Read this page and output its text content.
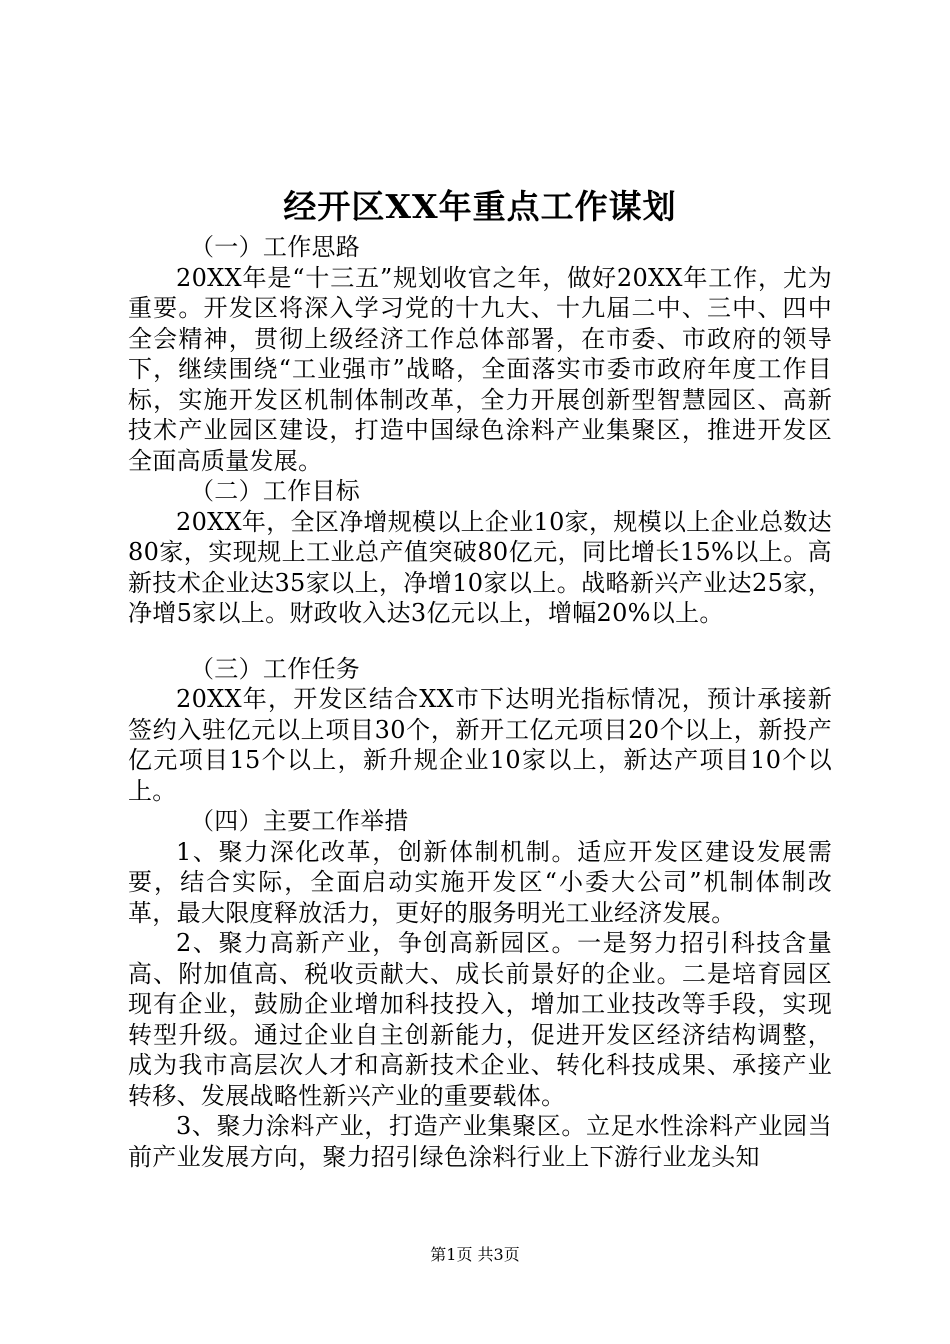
经开区XX年重点工作谋划

（一）工作思路

20XX年是“十三五”规划收官之年，做好20XX年工作，尤为重要。开发区将深入学习党的十九大、十九届二中、三中、四中全会精神，贯彻上级经济工作总体部署，在市委、市政府的领导下，继续围绕“工业强市”战略，全面落实市委市政府年度工作目标，实施开发区机制体制改革，全力开展创新型智慧园区、高新技术产业园区建设，打造中国绿色涂料产业集聚区，推进开发区全面高质量发展。

（二）工作目标

20XX年，全区净增规模以上企业10家，规模以上企业总数达80家，实现规上工业总产值突破80亿元，同比增长15%以上。高新技术企业达35家以上，净增10家以上。战略新兴产业达25家，净增5家以上。财政收入达3亿元以上，增幅20%以上。

（三）工作任务

20XX年，开发区结合XX市下达明光指标情况，预计承接新签约入驻亿元以上项目30个，新开工亿元项目20个以上，新投产亿元项目15个以上，新升规企业10家以上，新达产项目10个以上。

（四）主要工作举措

1、聚力深化改革，创新体制机制。适应开发区建设发展需要，结合实际，全面启动实施开发区“小委大公司”机制体制改革，最大限度释放活力，更好的服务明光工业经济发展。

2、聚力高新产业，争创高新园区。一是努力招引科技含量高、附加值高、税收贡献大、成长前景好的企业。二是培育园区现有企业，鼓励企业增加科技投入，增加工业技改等手段，实现转型升级。通过企业自主创新能力，促进开发区经济结构调整，成为我市高层次人才和高新技术企业、转化科技成果、承接产业转移、发展战略性新兴产业的重要载体。

3、聚力涂料产业，打造产业集聚区。立足水性涂料产业园当前产业发展方向，聚力招引绿色涂料行业上下游行业龙头知

第1页 共3页
